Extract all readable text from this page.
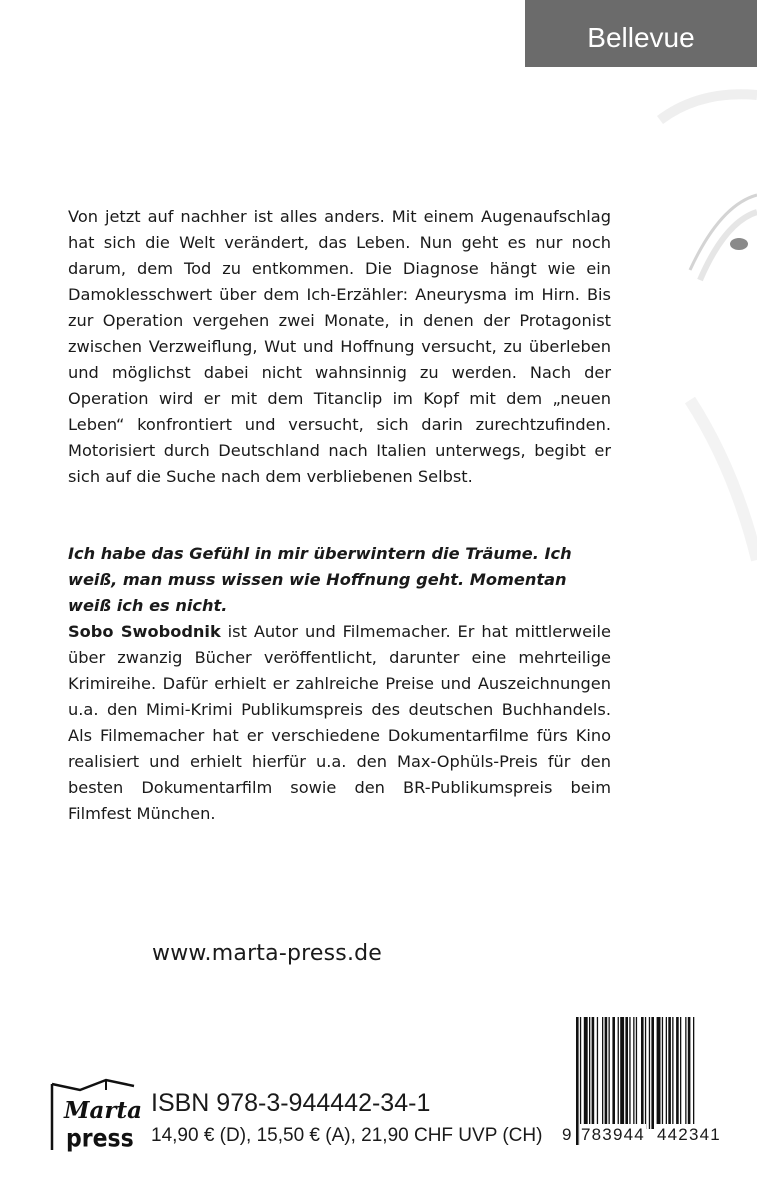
Bellevue

Von jetzt auf nachher ist alles anders. Mit einem Augenaufschlag hat sich die Welt verändert, das Leben. Nun geht es nur noch darum, dem Tod zu entkommen. Die Diagnose hängt wie ein Damoklesschwert über dem Ich-Erzähler: Aneurysma im Hirn. Bis zur Operation vergehen zwei Monate, in denen der Protagonist zwischen Verzweiflung, Wut und Hoffnung versucht, zu überleben und möglichst dabei nicht wahnsinnig zu werden. Nach der Operation wird er mit dem Titanclip im Kopf mit dem „neuen Leben“ konfrontiert und versucht, sich darin zurechtzufinden. Motorisiert durch Deutschland nach Italien unterwegs, begibt er sich auf die Suche nach dem verbliebenen Selbst.

Ich habe das Gefühl in mir überwintern die Träume. Ich weiß, man muss wissen wie Hoffnung geht. Momentan weiß ich es nicht.

Sobo Swobodnik ist Autor und Filmemacher. Er hat mittlerweile über zwanzig Bücher veröffentlicht, darunter eine mehrteilige Krimireihe. Dafür erhielt er zahlreiche Preise und Auszeichnungen u.a. den Mimi-Krimi Publikumspreis des deutschen Buchhandels. Als Filmemacher hat er verschiedene Dokumentarfilme fürs Kino realisiert und erhielt hierfür u.a. den Max-Ophüls-Preis für den besten Dokumentarfilm sowie den BR-Publikumspreis beim Filmfest München.

www.marta-press.de

Marta
press

ISBN 978-3-944442-34-1

14,90 € (D), 15,50 € (A), 21,90 CHF UVP (CH) 9 783944 442341
